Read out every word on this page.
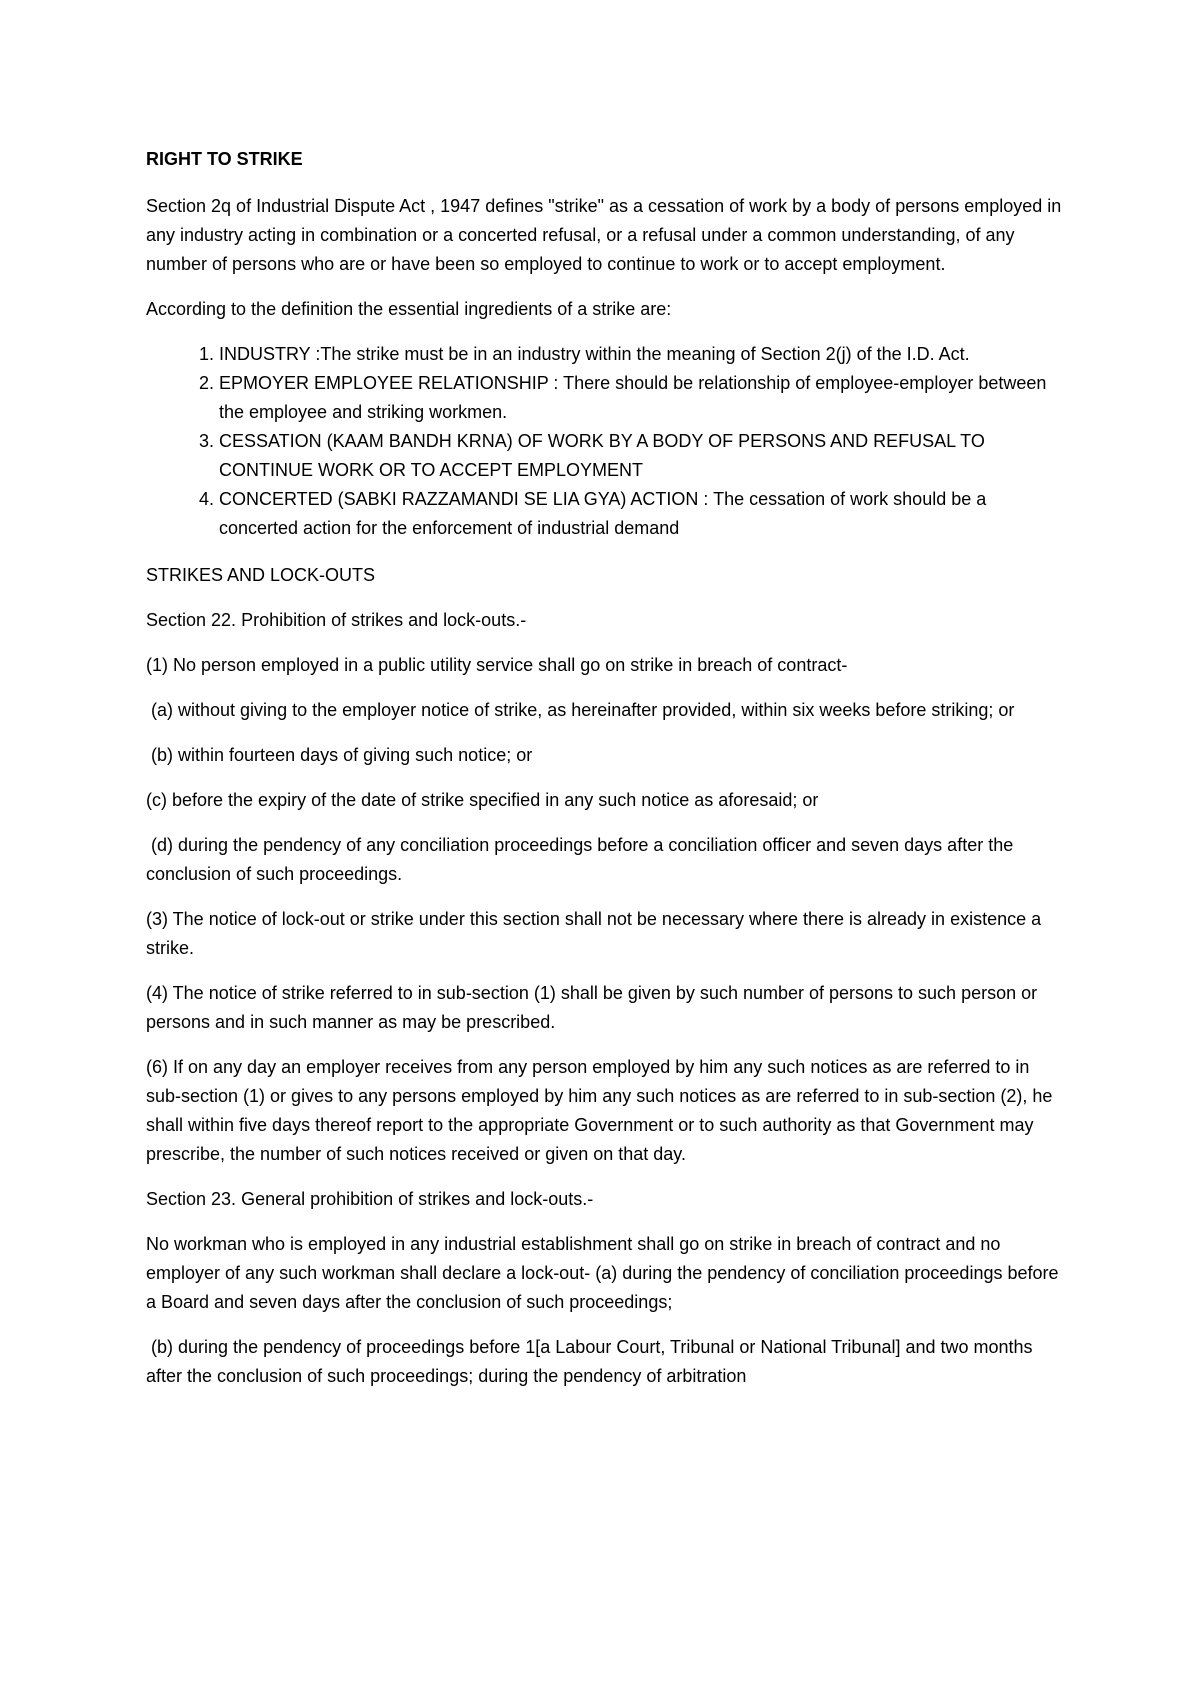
RIGHT TO STRIKE

Section 2q of Industrial Dispute Act , 1947 defines "strike" as a cessation of work by a body of persons employed in any industry acting in combination or a concerted refusal, or a refusal under a common understanding, of any number of persons who are or have been so employed to continue to work or to accept employment.

According to the definition the essential ingredients of a strike are:

1. INDUSTRY :The strike must be in an industry within the meaning of Section 2(j) of the I.D. Act.
2. EPMOYER EMPLOYEE RELATIONSHIP : There should be relationship of employee-employer between the employee and striking workmen.
3. CESSATION (KAAM BANDH KRNA) OF WORK BY A BODY OF PERSONS AND REFUSAL TO CONTINUE WORK OR TO ACCEPT EMPLOYMENT
4. CONCERTED (SABKI RAZZAMANDI SE LIA GYA) ACTION : The cessation of work should be a concerted action for the enforcement of industrial demand

STRIKES AND LOCK-OUTS

Section 22. Prohibition of strikes and lock-outs.-

(1) No person employed in a public utility service shall go on strike in breach of contract-

(a) without giving to the employer notice of strike, as hereinafter provided, within six weeks before striking; or

(b) within fourteen days of giving such notice; or

(c) before the expiry of the date of strike specified in any such notice as aforesaid; or

(d) during the pendency of any conciliation proceedings before a conciliation officer and seven days after the conclusion of such proceedings.

(3) The notice of lock-out or strike under this section shall not be necessary where there is already in existence a strike.

(4) The notice of strike referred to in sub-section (1) shall be given by such number of persons to such person or persons and in such manner as may be prescribed.

(6) If on any day an employer receives from any person employed by him any such notices as are referred to in sub-section (1) or gives to any persons employed by him any such notices as are referred to in sub-section (2), he shall within five days thereof report to the appropriate Government or to such authority as that Government may prescribe, the number of such notices received or given on that day.

Section 23. General prohibition of strikes and lock-outs.-

No workman who is employed in any industrial establishment shall go on strike in breach of contract and no employer of any such workman shall declare a lock-out- (a) during the pendency of conciliation proceedings before a Board and seven days after the conclusion of such proceedings;

(b) during the pendency of proceedings before 1[a Labour Court, Tribunal or National Tribunal] and two months after the conclusion of such proceedings; during the pendency of arbitration
